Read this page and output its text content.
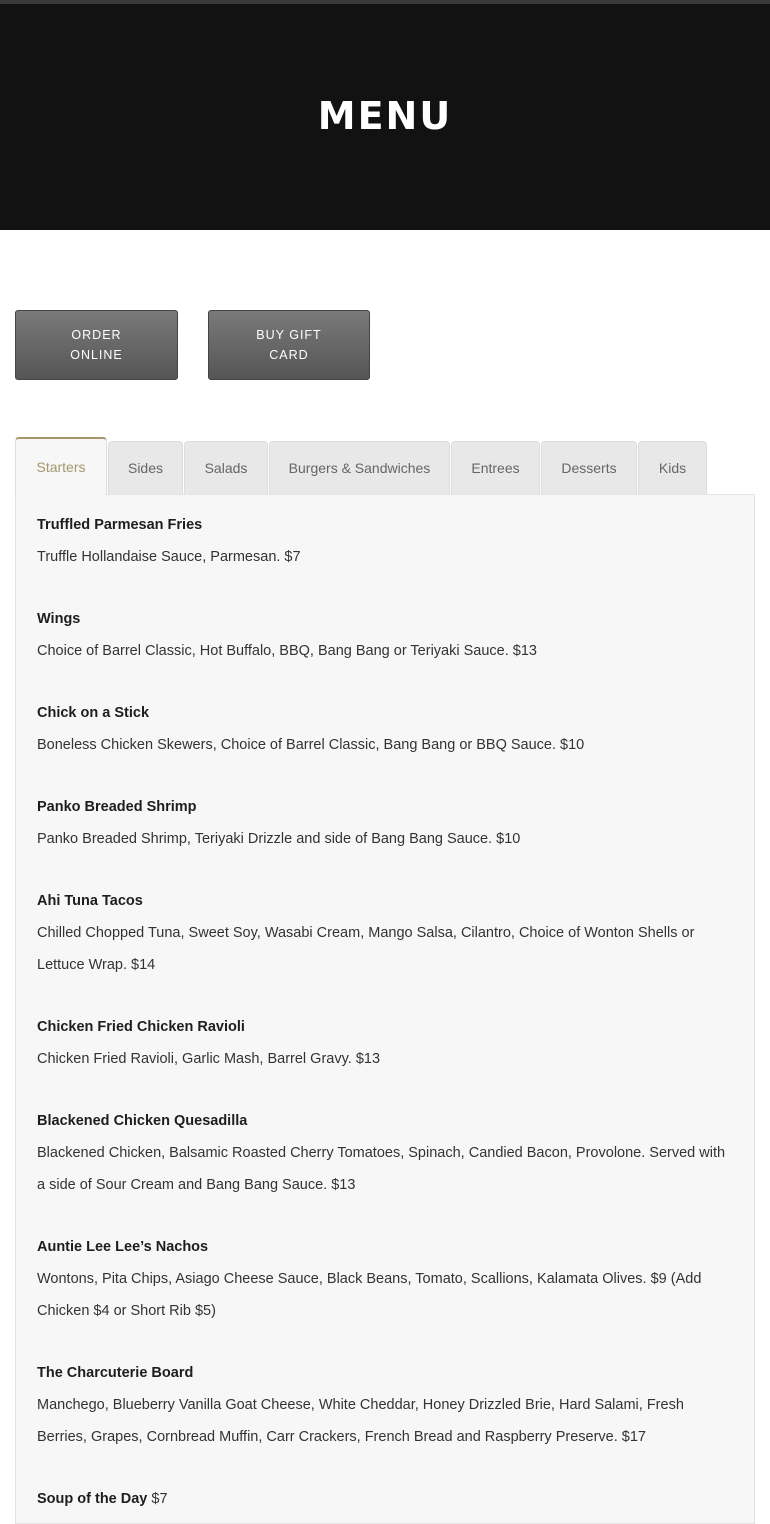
MENU
ORDER ONLINE
BUY GIFT CARD
Starters	Sides	Salads	Burgers & Sandwiches	Entrees	Desserts	Kids
Truffled Parmesan Fries
Truffle Hollandaise Sauce, Parmesan. $7
Wings
Choice of Barrel Classic, Hot Buffalo, BBQ, Bang Bang or Teriyaki Sauce. $13
Chick on a Stick
Boneless Chicken Skewers, Choice of Barrel Classic, Bang Bang or BBQ Sauce. $10
Panko Breaded Shrimp
Panko Breaded Shrimp, Teriyaki Drizzle and side of Bang Bang Sauce. $10
Ahi Tuna Tacos
Chilled Chopped Tuna, Sweet Soy, Wasabi Cream, Mango Salsa, Cilantro, Choice of Wonton Shells or Lettuce Wrap. $14
Chicken Fried Chicken Ravioli
Chicken Fried Ravioli, Garlic Mash, Barrel Gravy. $13
Blackened Chicken Quesadilla
Blackened Chicken, Balsamic Roasted Cherry Tomatoes, Spinach, Candied Bacon, Provolone. Served with a side of Sour Cream and Bang Bang Sauce. $13
Auntie Lee Lee’s Nachos
Wontons, Pita Chips, Asiago Cheese Sauce, Black Beans, Tomato, Scallions, Kalamata Olives. $9 (Add Chicken $4 or Short Rib $5)
The Charcuterie Board
Manchego, Blueberry Vanilla Goat Cheese, White Cheddar, Honey Drizzled Brie, Hard Salami, Fresh Berries, Grapes, Cornbread Muffin, Carr Crackers, French Bread and Raspberry Preserve. $17
Soup of the Day $7
